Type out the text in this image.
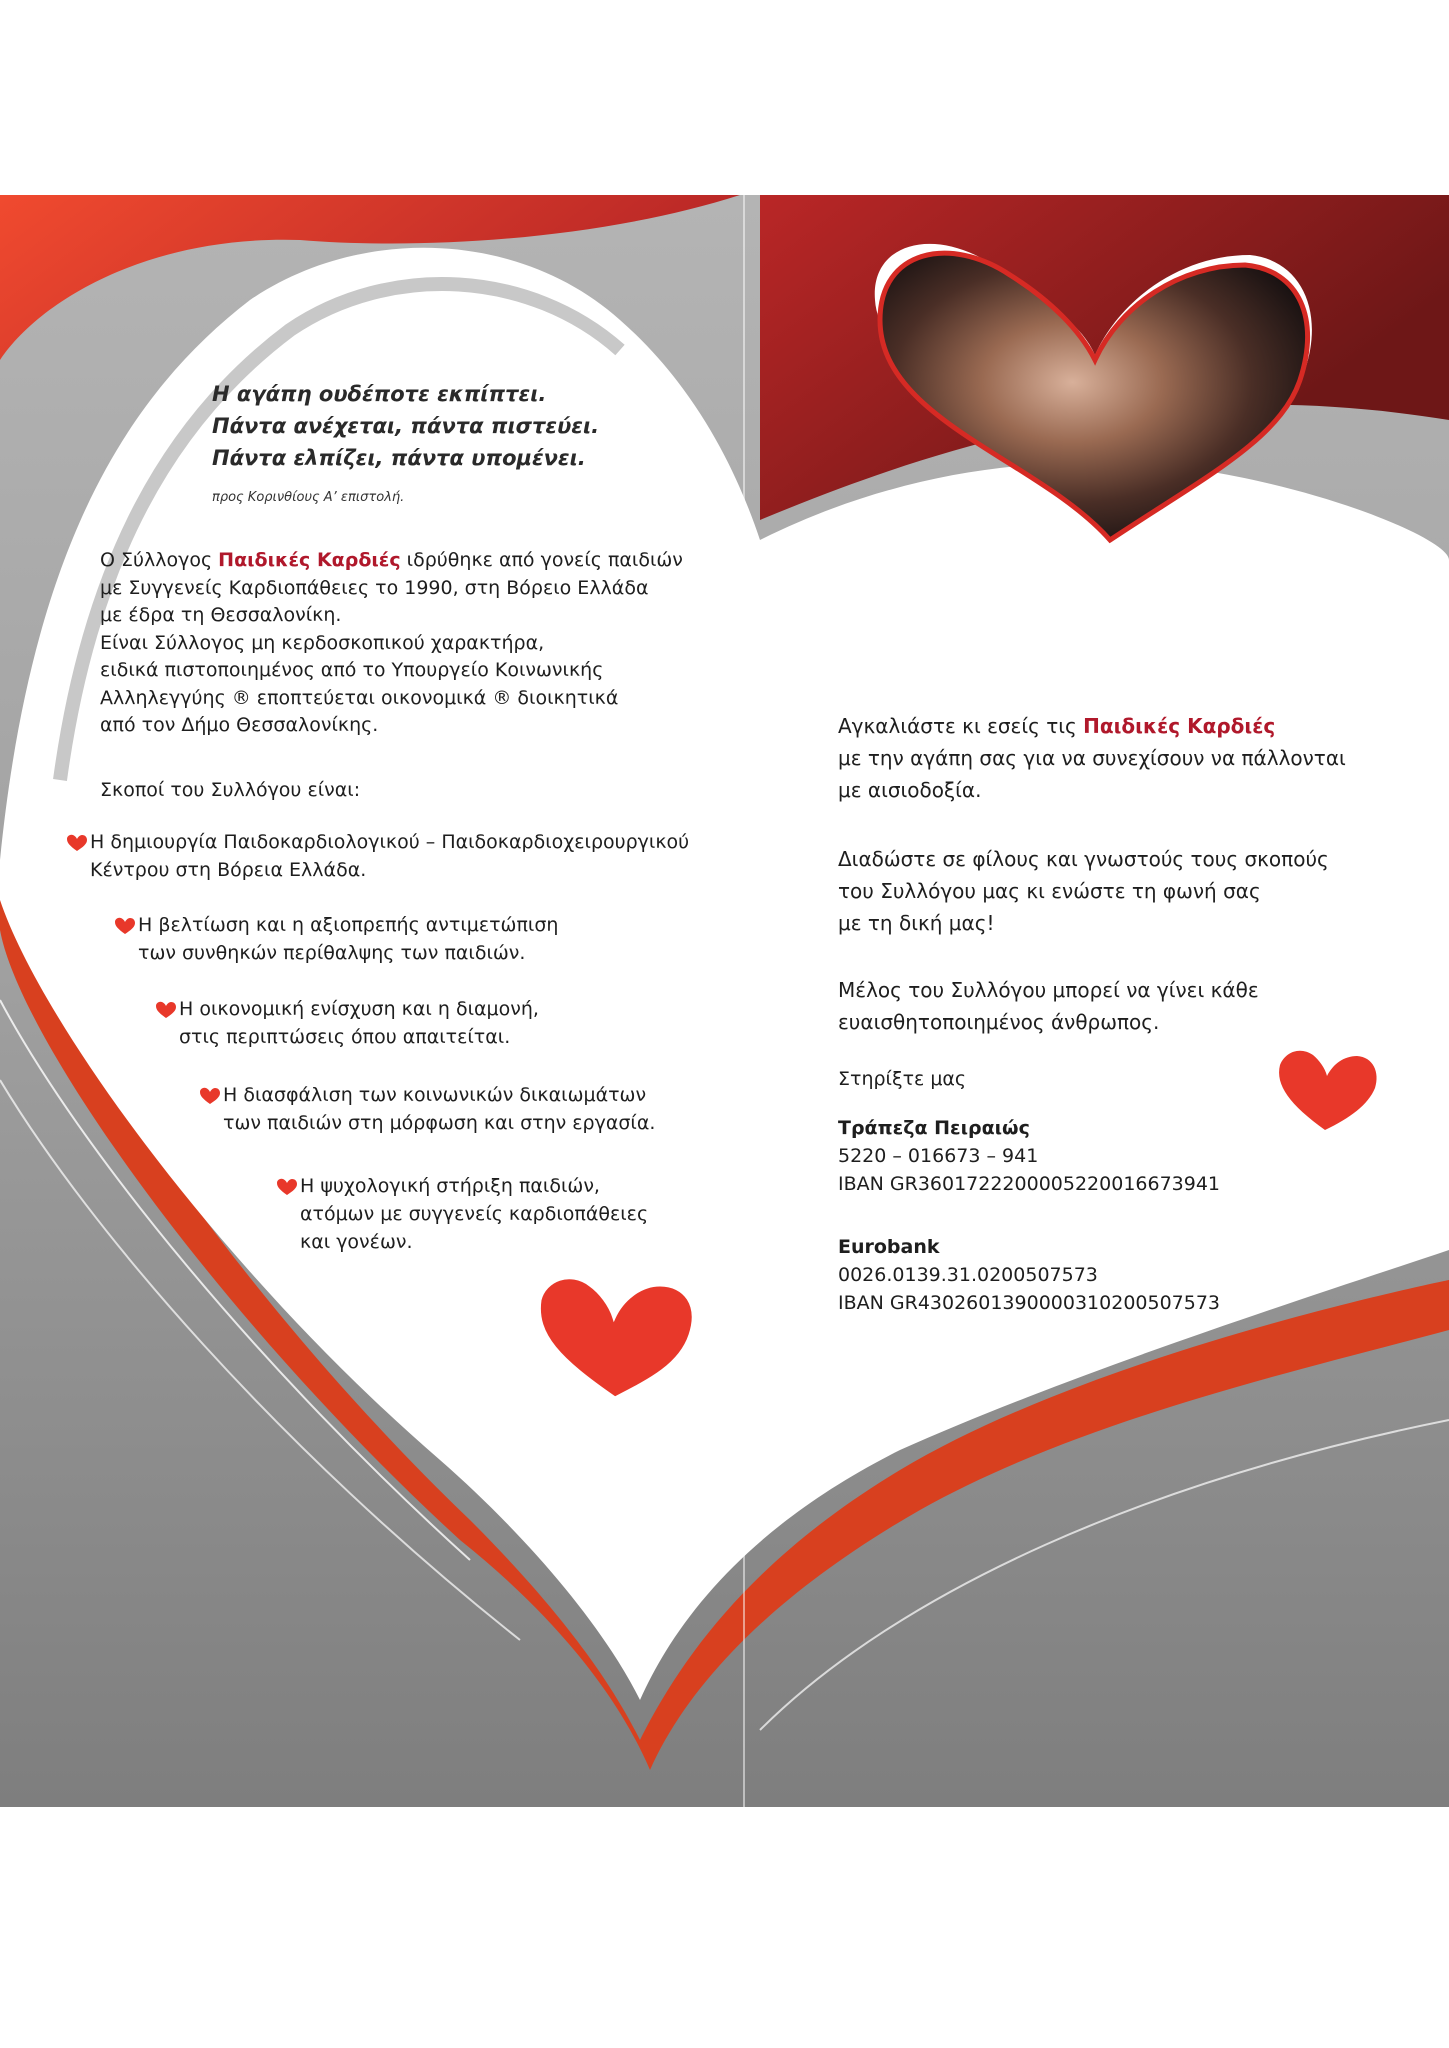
Η αγάπη ουδέποτε εκπίπτει.
Πάντα ανέχεται, πάντα πιστεύει.
Πάντα ελπίζει, πάντα υπομένει.
προς Κορινθίους Α’ επιστολή.
Ο Σύλλογος Παιδικές Καρδιές ιδρύθηκε από γονείς παιδιών
με Συγγενείς Καρδιοπάθειες το 1990, στη Βόρειο Ελλάδα
με έδρα τη Θεσσαλονίκη.
Είναι Σύλλογος μη κερδοσκοπικού χαρακτήρα,
ειδικά πιστοποιημένος από το Υπουργείο Κοινωνικής
Αλληλεγγύης ® εποπτεύεται οικονομικά ® διοικητικά
από τον Δήμο Θεσσαλονίκης.
Σκοποί του Συλλόγου είναι:
Η δημιουργία Παιδοκαρδιολογικού – Παιδοκαρδιοχειρουργικού
Κέντρου στη Βόρεια Ελλάδα.
Η βελτίωση και η αξιοπρεπής αντιμετώπιση
των συνθηκών περίθαλψης των παιδιών.
Η οικονομική ενίσχυση και η διαμονή,
στις περιπτώσεις όπου απαιτείται.
Η διασφάλιση των κοινωνικών δικαιωμάτων
των παιδιών στη μόρφωση και στην εργασία.
Η ψυχολογική στήριξη παιδιών,
ατόμων με συγγενείς καρδιοπάθειες
και γονέων.
Αγκαλιάστε κι εσείς τις Παιδικές Καρδιές
με την αγάπη σας για να συνεχίσουν να πάλλονται
με αισιοδοξία.
Διαδώστε σε φίλους και γνωστούς τους σκοπούς
του Συλλόγου μας κι ενώστε τη φωνή σας
με τη δική μας!
Μέλος του Συλλόγου μπορεί να γίνει κάθε
ευαισθητοποιημένος άνθρωπος.
Στηρίξτε μας
Τράπεζα Πειραιώς
5220 – 016673 – 941
IBAN GR3601722200005220016673941
Eurobank
0026.0139.31.0200507573
IBAN GR4302601390000310200507573
